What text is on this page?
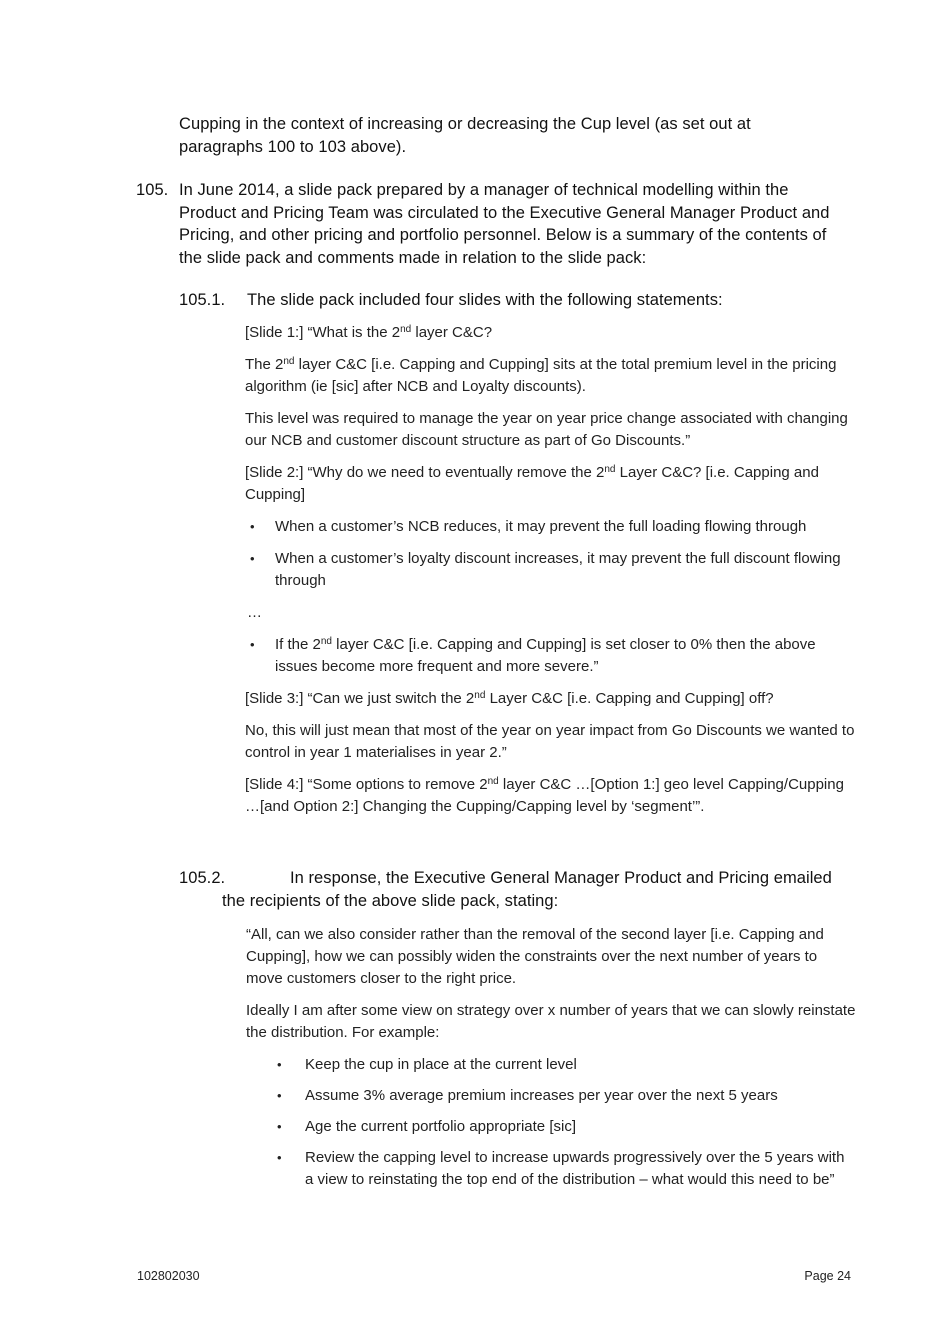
Cupping in the context of increasing or decreasing the Cup level (as set out at paragraphs 100 to 103 above).
105. In June 2014, a slide pack prepared by a manager of technical modelling within the Product and Pricing Team was circulated to the Executive General Manager Product and Pricing, and other pricing and portfolio personnel. Below is a summary of the contents of the slide pack and comments made in relation to the slide pack:
105.1. The slide pack included four slides with the following statements:

[Slide 1:] “What is the 2nd layer C&C?

The 2nd layer C&C [i.e. Capping and Cupping] sits at the total premium level in the pricing algorithm (ie [sic] after NCB and Loyalty discounts).

This level was required to manage the year on year price change associated with changing our NCB and customer discount structure as part of Go Discounts.”

[Slide 2:] “Why do we need to eventually remove the 2nd Layer C&C? [i.e. Capping and Cupping]

• When a customer’s NCB reduces, it may prevent the full loading flowing through
• When a customer’s loyalty discount increases, it may prevent the full discount flowing through

…

• If the 2nd layer C&C [i.e. Capping and Cupping] is set closer to 0% then the above issues become more frequent and more severe.”

[Slide 3:] “Can we just switch the 2nd Layer C&C [i.e. Capping and Cupping] off?

No, this will just mean that most of the year on year impact from Go Discounts we wanted to control in year 1 materialises in year 2.”

[Slide 4:] “Some options to remove 2nd layer C&C …[Option 1:] geo level Capping/Cupping …[and Option 2:] Changing the Cupping/Capping level by ‘segment’”.

105.2.	In response, the Executive General Manager Product and Pricing emailed the recipients of the above slide pack, stating:

“All, can we also consider rather than the removal of the second layer [i.e. Capping and Cupping], how we can possibly widen the constraints over the next number of years to move customers closer to the right price.

Ideally I am after some view on strategy over x number of years that we can slowly reinstate the distribution. For example:

• Keep the cup in place at the current level
• Assume 3% average premium increases per year over the next 5 years
• Age the current portfolio appropriate [sic]
• Review the capping level to increase upwards progressively over the 5 years with a view to reinstating the top end of the distribution – what would this need to be”
102802030	Page 24
